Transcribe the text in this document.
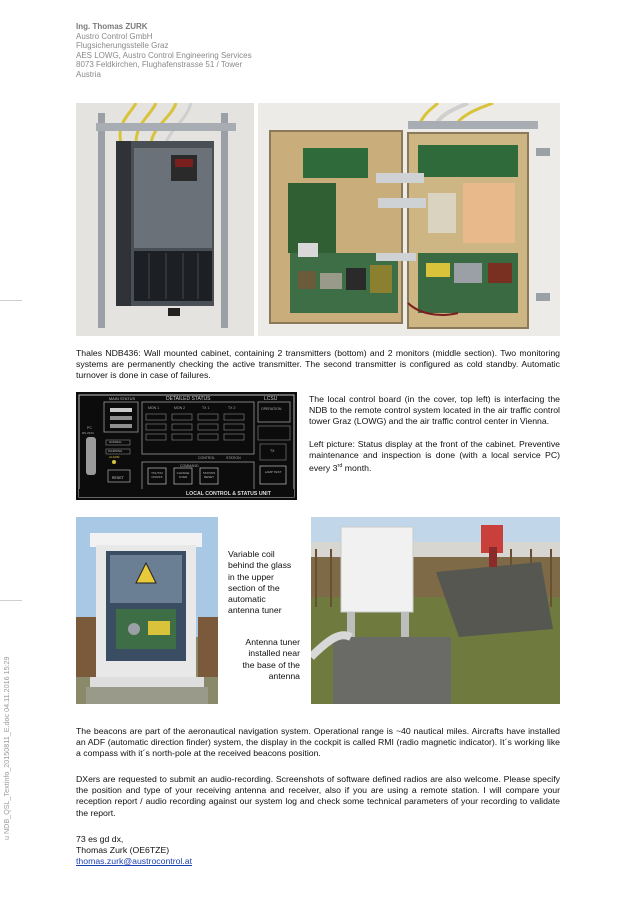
u NDB_QSL_Textinfo_20150811_E.doc 04.11.2016 15:29
Ing. Thomas ZURK
Austro Control GmbH
Flugsicherungsstelle Graz
AES LOWG, Austro Control Engineering Services
8073 Feldkirchen, Flughafenstrasse 51 / Tower
Austria
Thales NDB436: Wall mounted cabinet, containing 2 transmitters (bottom) and 2 monitors (middle section). Two monitoring systems are permanently checking the active transmitter. The second transmitter is configured as cold standby. Automatic turnover is done in case of failures.
MAIN STATUS	DETAILED STATUS
MON 1	MON 2	TX 1	TX 2
LCSU
OPERATION
CONTROL	STATION
PC
RS 232C
NORMAL
WARNING
ALARM
COMMAND
RESET
TX1/TX2 ON/OFF
CHANGE OVER
STATION RESET
TX
LAMP TEST
LOCAL CONTROL & STATUS UNIT
The local control board (in the cover, top left) is interfacing the NDB to the remote control system located in the air traffic control tower Graz (LOWG) and the air traffic control center in Vienna.
Left picture: Status display at the front of the cabinet. Preventive maintenance and inspection is done (with a local service PC) every 3rd month.
Variable coil
behind the glass
in the upper
section of the
automatic
antenna tuner
Antenna tuner
installed near
the base of the
antenna
The beacons are part of the aeronautical navigation system. Operational range is ~40 nautical miles. Aircrafts have installed an ADF (automatic direction finder) system, the display in the cockpit is called RMI (radio magnetic indicator). It´s working like a compass with it´s north-pole at the received beacons position.
DXers are requested to submit an audio-recording. Screenshots of software defined radios are also welcome. Please specify the position and type of your receiving antenna and receiver, also if you are using a remote station. I will compare your reception report / audio recording against our system log and check some technical parameters of your recording to validate the report.
73 es gd dx,
Thomas Zurk (OE6TZE)
thomas.zurk@austrocontrol.at
